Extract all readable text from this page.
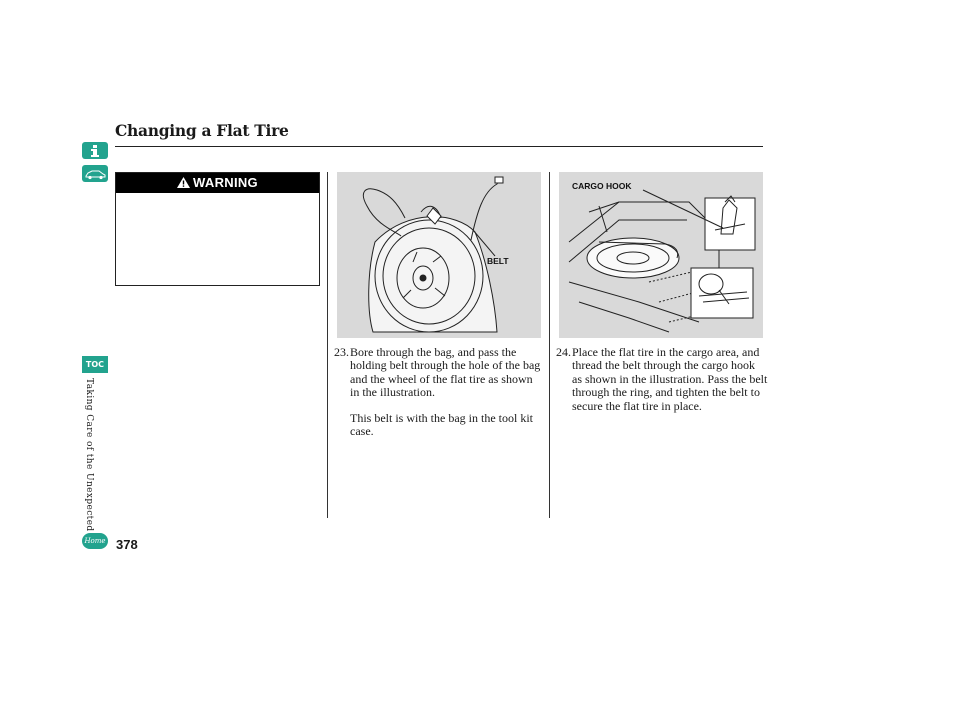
Changing a Flat Tire
TOC
Taking Care of the Unexpected
Home 378
WARNING
BELT
CARGO HOOK
23. Bore through the bag, and pass the holding belt through the hole of the bag and the wheel of the flat tire as shown in the illustration.
This belt is with the bag in the tool kit case.
24. Place the flat tire in the cargo area, and thread the belt through the cargo hook as shown in the illustration. Pass the belt through the ring, and tighten the belt to secure the flat tire in place.
